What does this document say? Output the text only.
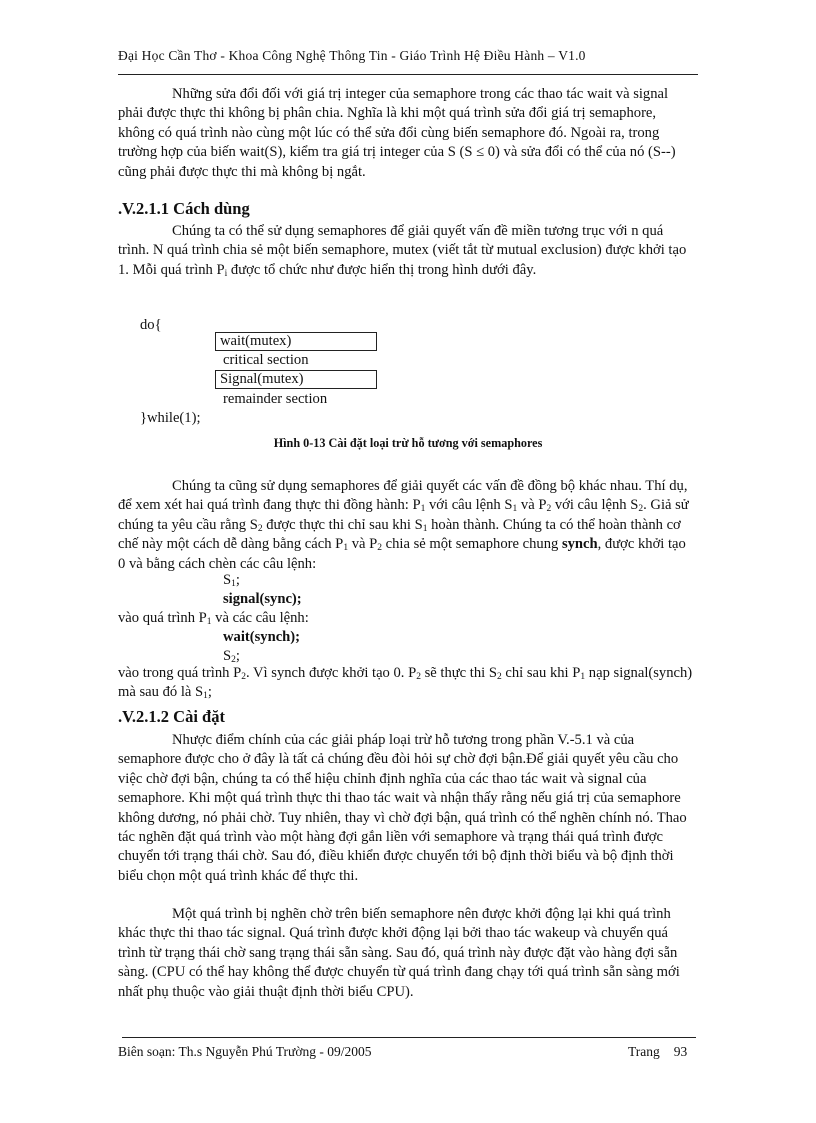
Đại Học Cần Thơ - Khoa Công Nghệ Thông Tin - Giáo Trình Hệ Điều Hành – V1.0

Những sửa đổi đối với giá trị integer của semaphore trong các thao tác wait và signal phải được thực thi không bị phân chia. Nghĩa là khi một quá trình sửa đổi giá trị semaphore, không có quá trình nào cùng một lúc có thể sửa đổi cùng biến semaphore đó. Ngoài ra, trong trường hợp của biến wait(S), kiểm tra giá trị integer của S (S ≤ 0) và sửa đổi có thể của nó (S--) cũng phải được thực thi mà không bị ngắt.

.V.2.1.1 Cách dùng

Chúng ta có thể sử dụng semaphores để giải quyết vấn đề miền tương trục với n quá trình. N quá trình chia sẻ một biến semaphore, mutex (viết tắt từ mutual exclusion) được khởi tạo 1. Mỗi quá trình $P_i$ được tổ chức như được hiển thị trong hình dưới đây.

do{
wait(mutex)
critical section
Signal(mutex)
remainder section
}while(1);
Hình 0-13 Cài đặt loại trừ hỗ tương với semaphores

Chúng ta cũng sử dụng semaphores để giải quyết các vấn đề đồng bộ khác nhau. Thí dụ, để xem xét hai quá trình đang thực thi đồng hành: $P_1$ với câu lệnh $S_1$ và $P_2$ với câu lệnh $S_2$. Giả sử chúng ta yêu cầu rằng $S_2$ được thực thi chỉ sau khi $S_1$ hoàn thành. Chúng ta có thể hoàn thành cơ chế này một cách dễ dàng bằng cách $P_1$ và $P_2$ chia sẻ một semaphore chung synch, được khởi tạo 0 và bằng cách chèn các câu lệnh:

$S_1$;
signal(sync);
vào quá trình $P_1$ và các câu lệnh:
wait(synch);
$S_2$;

vào trong quá trình $P_2$. Vì synch được khởi tạo 0. $P_2$ sẽ thực thi $S_2$ chỉ sau khi $P_1$ nạp signal(synch) mà sau đó là $S_1$;

.V.2.1.2 Cài đặt

Nhược điểm chính của các giải pháp loại trừ hỗ tương trong phần V.-5.1 và của semaphore được cho ở đây là tất cả chúng đều đòi hỏi sự chờ đợi bận.Để giải quyết yêu cầu cho việc chờ đợi bận, chúng ta có thể hiệu chỉnh định nghĩa của các thao tác wait và signal của semaphore. Khi một quá trình thực thi thao tác wait và nhận thấy rằng nếu giá trị của semaphore không dương, nó phải chờ. Tuy nhiên, thay vì chờ đợi bận, quá trình có thể nghẽn chính nó. Thao tác nghẽn đặt quá trình vào một hàng đợi gắn liền với semaphore và trạng thái quá trình được chuyển tới trạng thái chờ. Sau đó, điều khiển được chuyển tới bộ định thời biểu và bộ định thời biểu chọn một quá trình khác để thực thi.

Một quá trình bị nghẽn chờ trên biến semaphore nên được khởi động lại khi quá trình khác thực thi thao tác signal. Quá trình được khởi động lại bởi thao tác wakeup và chuyển quá trình từ trạng thái chờ sang trạng thái sẵn sàng. Sau đó, quá trình này được đặt vào hàng đợi sẵn sàng. (CPU có thể hay không thể được chuyển từ quá trình đang chạy tới quá trình sẵn sàng mới nhất phụ thuộc vào giải thuật định thời biểu CPU).

Biên soạn: Th.s Nguyễn Phú Trường - 09/2005	Trang 93
